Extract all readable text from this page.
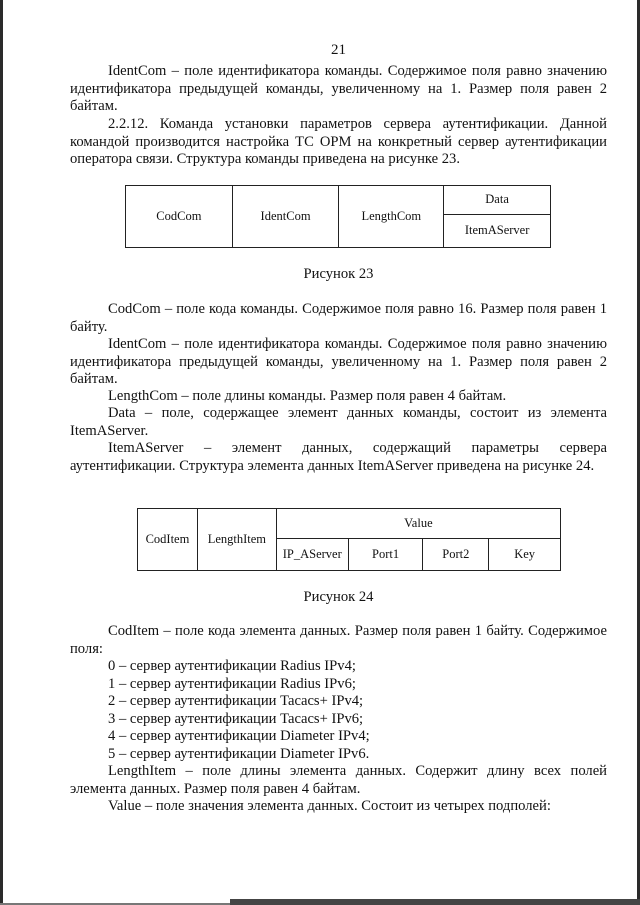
21

IdentCom – поле идентификатора команды. Содержимое поля равно значению идентификатора предыдущей команды, увеличенному на 1. Размер поля равен 2 байтам.

2.2.12. Команда установки параметров сервера аутентификации. Данной командой производится настройка ТС ОРМ на конкретный сервер аутентификации оператора связи. Структура команды приведена на рисунке 23.

CodCom	IdentCom	LengthCom	Data
ItemAServer
Рисунок 23

CodCom – поле кода команды. Содержимое поля равно 16. Размер поля равен 1 байту.

IdentCom – поле идентификатора команды. Содержимое поля равно значению идентификатора предыдущей команды, увеличенному на 1. Размер поля равен 2 байтам.

LengthCom – поле длины команды. Размер поля равен 4 байтам.

Data – поле, содержащее элемент данных команды, состоит из элемента ItemAServer.

ItemAServer – элемент данных, содержащий параметры сервера аутентификации. Структура элемента данных ItemAServer приведена на рисунке 24.

CodItem	LengthItem	Value			
		IP_AServer	Port1	Port2	Key
Рисунок 24

CodItem – поле кода элемента данных. Размер поля равен 1 байту. Содержимое поля:

0 – сервер аутентификации Radius IPv4;

1 – сервер аутентификации Radius IPv6;

2 – сервер аутентификации Tacacs+ IPv4;

3 – сервер аутентификации Tacacs+ IPv6;

4 – сервер аутентификации Diameter IPv4;

5 – сервер аутентификации Diameter IPv6.

LengthItem – поле длины элемента данных. Содержит длину всех полей элемента данных. Размер поля равен 4 байтам.

Value – поле значения элемента данных. Состоит из четырех подполей:
